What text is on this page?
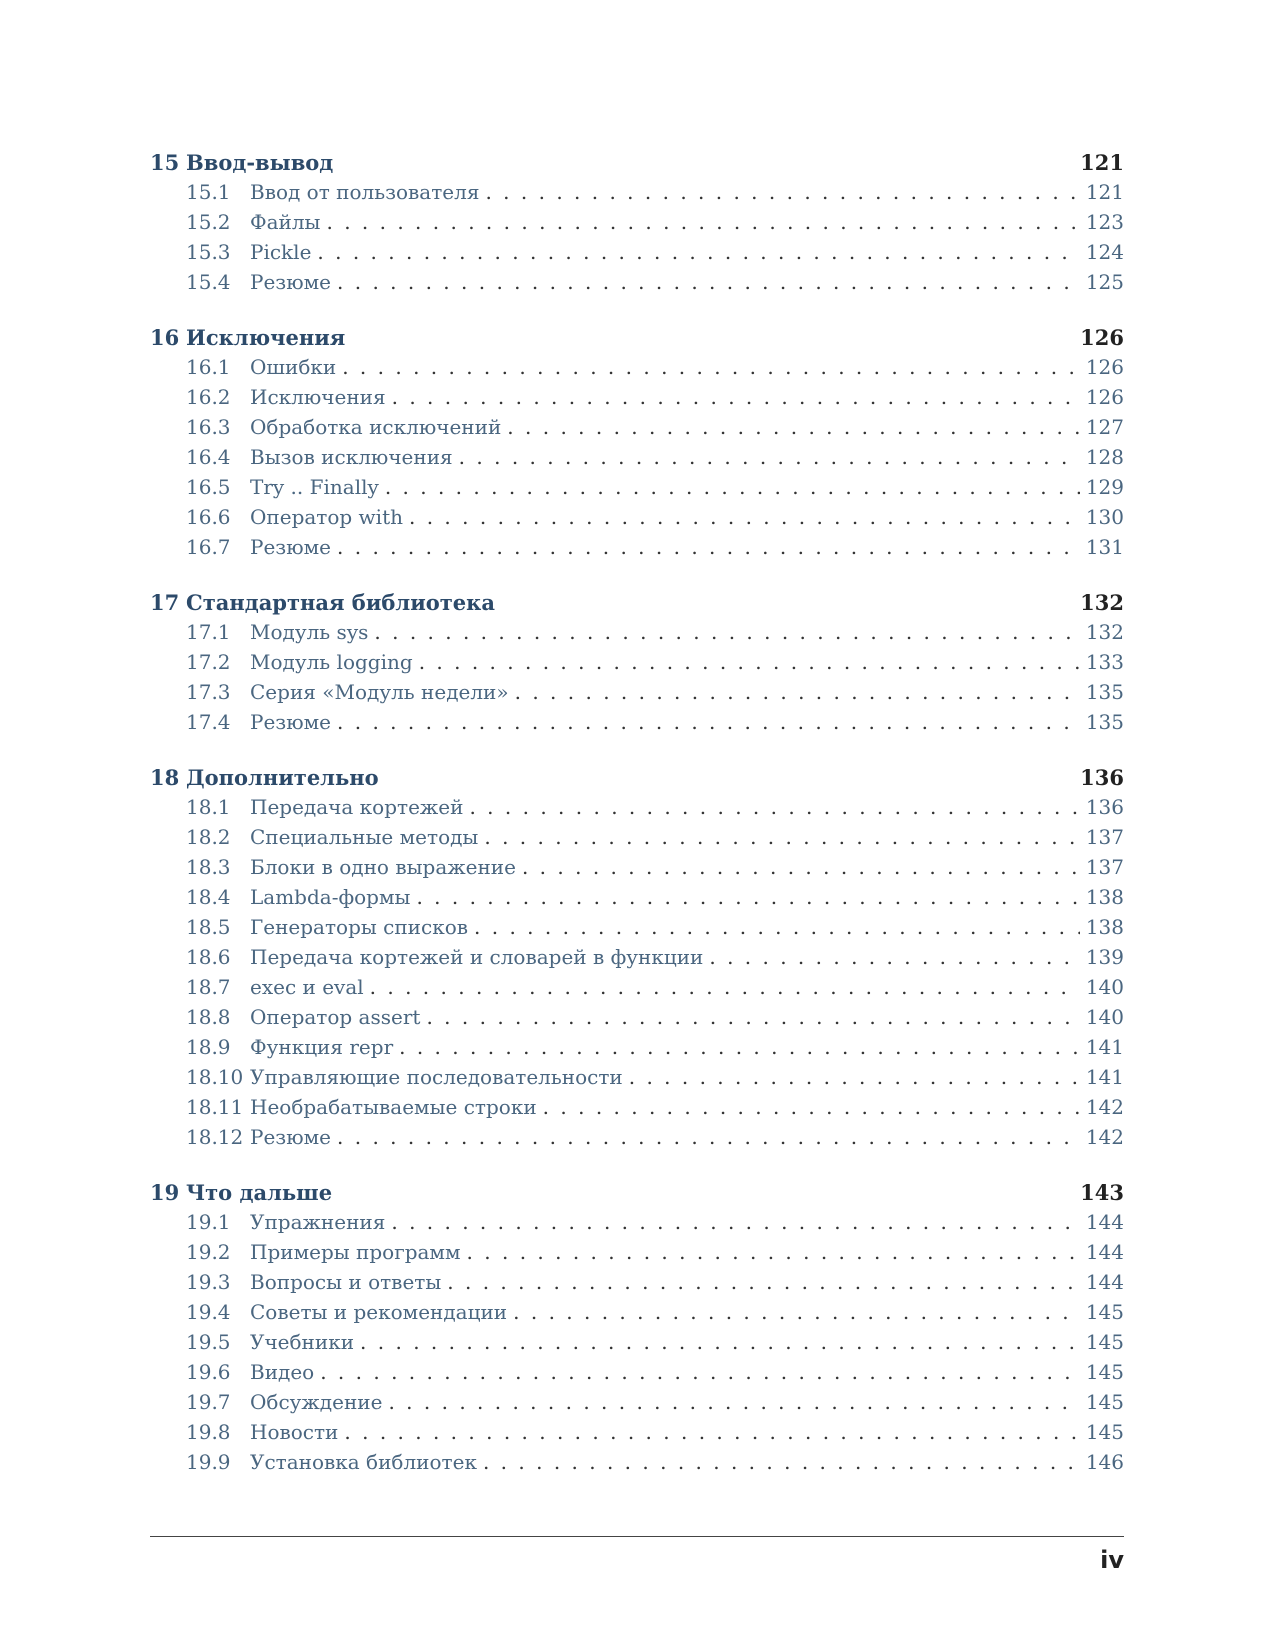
15 Ввод-вывод	121
15.1 Ввод от пользователя . . .	121
15.2 Файлы . . .	123
15.3 Pickle . . .	124
15.4 Резюме . . .	125
16 Исключения	126
16.1 Ошибки . . .	126
16.2 Исключения . . .	126
16.3 Обработка исключений . . .	127
16.4 Вызов исключения . . .	128
16.5 Try .. Finally . . .	129
16.6 Оператор with . . .	130
16.7 Резюме . . .	131
17 Стандартная библиотека	132
17.1 Модуль sys . . .	132
17.2 Модуль logging . . .	133
17.3 Серия «Модуль недели» . . .	135
17.4 Резюме . . .	135
18 Дополнительно	136
18.1 Передача кортежей . . .	136
18.2 Специальные методы . . .	137
18.3 Блоки в одно выражение . . .	137
18.4 Lambda-формы . . .	138
18.5 Генераторы списков . . .	138
18.6 Передача кортежей и словарей в функции . . .	139
18.7 exec и eval . . .	140
18.8 Оператор assert . . .	140
18.9 Функция repr . . .	141
18.10 Управляющие последовательности . . .	141
18.11 Необрабатываемые строки . . .	142
18.12 Резюме . . .	142
19 Что дальше	143
19.1 Упражнения . . .	144
19.2 Примеры программ . . .	144
19.3 Вопросы и ответы . . .	144
19.4 Советы и рекомендации . . .	145
19.5 Учебники . . .	145
19.6 Видео . . .	145
19.7 Обсуждение . . .	145
19.8 Новости . . .	145
19.9 Установка библиотек . . .	146
iv
